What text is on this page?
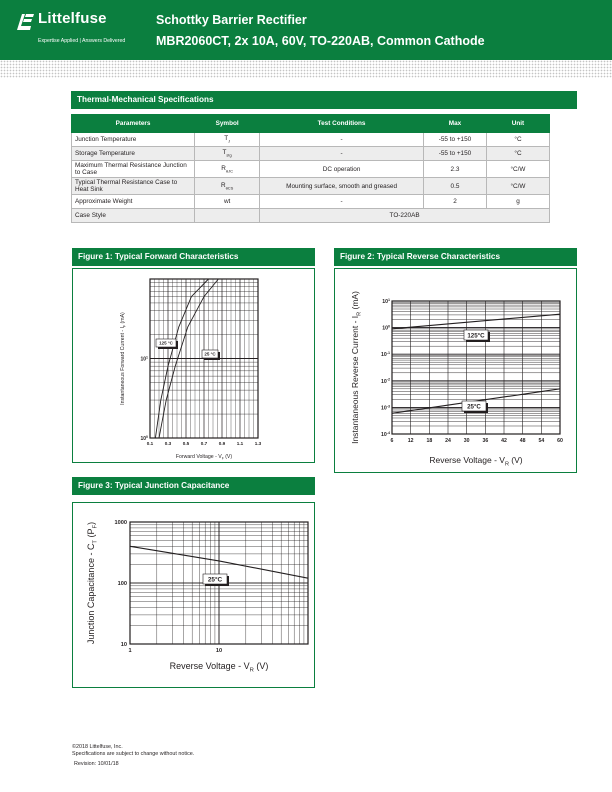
Littelfuse
Expertise Applied | Answers Delivered
Schottky Barrier Rectifier
MBR2060CT, 2x 10A, 60V, TO-220AB, Common Cathode
Thermal-Mechanical Specifications
Parameters	Symbol	Test Conditions	Max	Unit
Junction Temperature	$T_J$	-	-55 to +150	°C
Storage Temperature	$T_{stg}$	-	-55 to +150	°C
Maximum Thermal Resistance Junction to Case	$R_{\theta JC}$	DC operation	2.3	°C/W
Typical Thermal Resistance Case to Heat Sink	$R_{\theta CS}$	Mounting surface, smooth and greased	0.5	°C/W
Approximate Weight	wt	-	2	g
Case Style		TO-220AB		
Figure 1: Typical Forward Characteristics
0.1	0.3	0.5	0.7	0.9	1.1	1.3
$10^0$
$10^1$
125 °C
25 °C
Forward Voltage - $V_F$ (V)
Instantaneous Forward Current - $I_F$ (mA)
Figure 2: Typical Reverse Characteristics
6	12 18 24 30 36 42 48 54 60
$10^1$
$10^0$
$10^{-1}$
$10^{-2}$
$10^{-3}$
$10^{-4}$
125°C
25°C
Reverse Voltage - $V_R$ (V)
Instantaneous Reverse Current - $I_R$ (mA)
Figure 3: Typical Junction Capacitance
1	10
1000
100
10
25°C
Reverse Voltage - $V_R$ (V)
Junction Capacitance - $C_T$ $(P_F)$
©2018 Littelfuse, Inc.
Specifications are subject to change without notice.
Revision: 10/01/18
